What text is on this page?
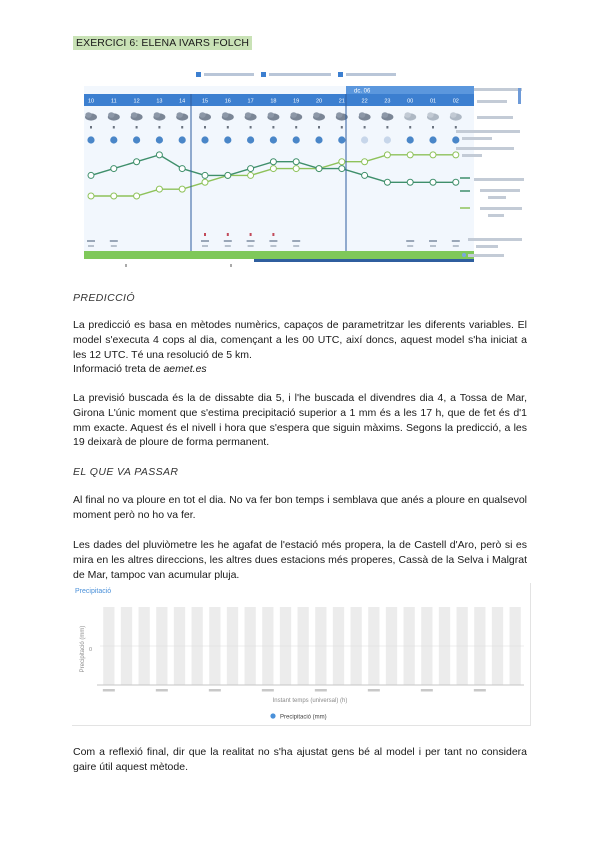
EXERCICI 6: ELENA IVARS FOLCH
dc. 06
10	11	12	13	14	15	16	17	18	19	20	21	22	23	00	01	02
PREDICCIÓ
La predicció es basa en mètodes numèrics, capaços de parametritzar les diferents variables. El model s'executa 4 cops al dia, començant a les 00 UTC, així doncs, aquest model s'ha iniciat a les 12 UTC. Té una resolució de 5 km.
Informació treta de aemet.es
La previsió buscada és la de dissabte dia 5, i l'he buscada el divendres dia 4, a Tossa de Mar, Girona L'únic moment que s'estima precipitació superior a 1 mm és a les 17 h, que de fet és d'1 mm exacte. Aquest és el nivell i hora que s'espera que siguin màxims. Segons la predicció, a les 19 deixarà de ploure de forma permanent.
EL QUE VA PASSAR
Al final no va ploure en tot el dia. No va fer bon temps i semblava que anés a ploure en qualsevol moment però no ho va fer.
Les dades del pluviòmetre les he agafat de l'estació més propera, la de Castell d'Aro, però si es mira en les altres direccions, les altres dues estacions més properes, Cassà de la Selva i Malgrat de Mar, tampoc van acumular pluja.
Precipitació
Precipitació (mm) 0
Instant temps (universal) (h)
Precipitació (mm)
Com a reflexió final, dir que la realitat no s'ha ajustat gens bé al model i per tant no considera gaire útil aquest mètode.
